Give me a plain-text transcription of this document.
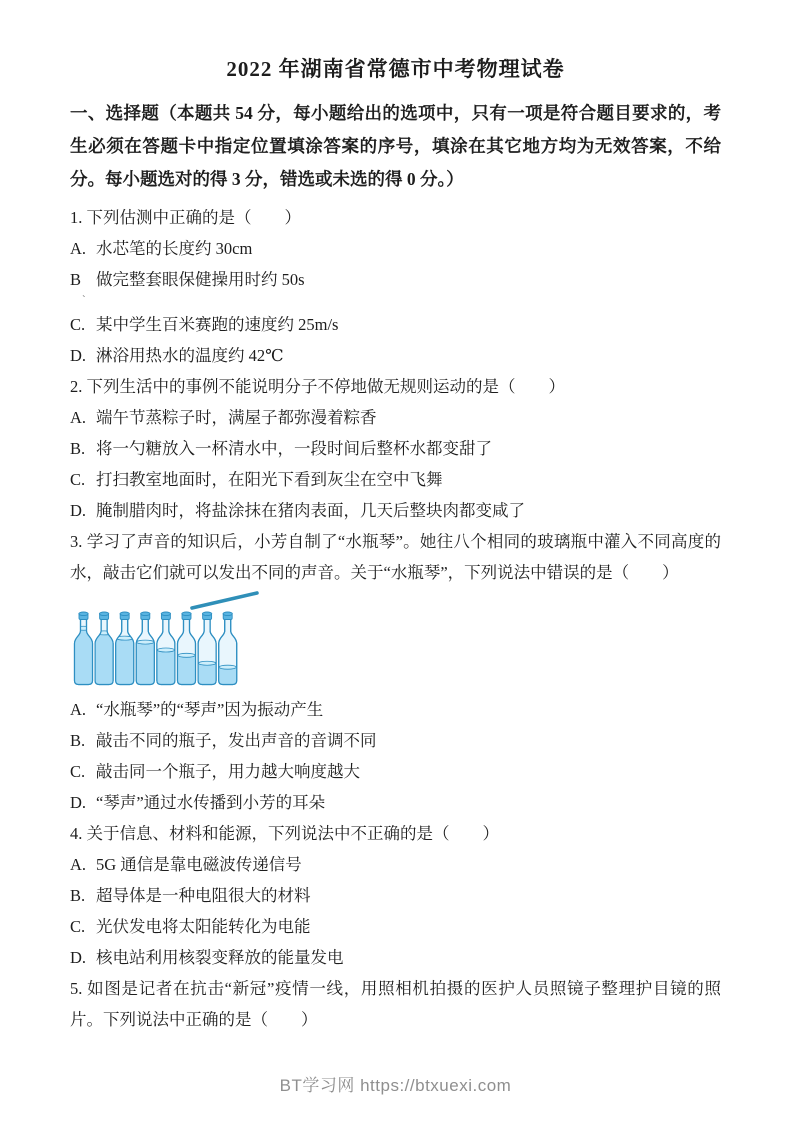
2022 年湖南省常德市中考物理试卷

一、选择题（本题共 54 分，每小题给出的选项中，只有一项是符合题目要求的，考生必须在答题卡中指定位置填涂答案的序号，填涂在其它地方均为无效答案，不给分。每小题选对的得 3 分，错选或未选的得 0 分。）

1. 下列估测中正确的是（　　）

A. 水芯笔的长度约 30cm

B 做完整套眼保健操用时约 50s

ˋ

C. 某中学生百米赛跑的速度约 25m/s

D. 淋浴用热水的温度约 42℃

2. 下列生活中的事例不能说明分子不停地做无规则运动的是（　　）

A. 端午节蒸粽子时，满屋子都弥漫着粽香

B. 将一勺糖放入一杯清水中，一段时间后整杯水都变甜了

C. 打扫教室地面时，在阳光下看到灰尘在空中飞舞

D. 腌制腊肉时，将盐涂抹在猪肉表面，几天后整块肉都变咸了

3. 学习了声音的知识后，小芳自制了“水瓶琴”。她往八个相同的玻璃瓶中灌入不同高度的水，敲击它们就可以发出不同的声音。关于“水瓶琴”，下列说法中错误的是（　　）

A. “水瓶琴”的“琴声”因为振动产生

B. 敲击不同的瓶子，发出声音的音调不同

C. 敲击同一个瓶子，用力越大响度越大

D. “琴声”通过水传播到小芳的耳朵

4. 关于信息、材料和能源，下列说法中不正确的是（　　）

A. 5G 通信是靠电磁波传递信号

B. 超导体是一种电阻很大的材料

C. 光伏发电将太阳能转化为电能

D. 核电站利用核裂变释放的能量发电

5. 如图是记者在抗击“新冠”疫情一线，用照相机拍摄的医护人员照镜子整理护目镜的照片。下列说法中正确的是（　　）

BT学习网 https://btxuexi.com
